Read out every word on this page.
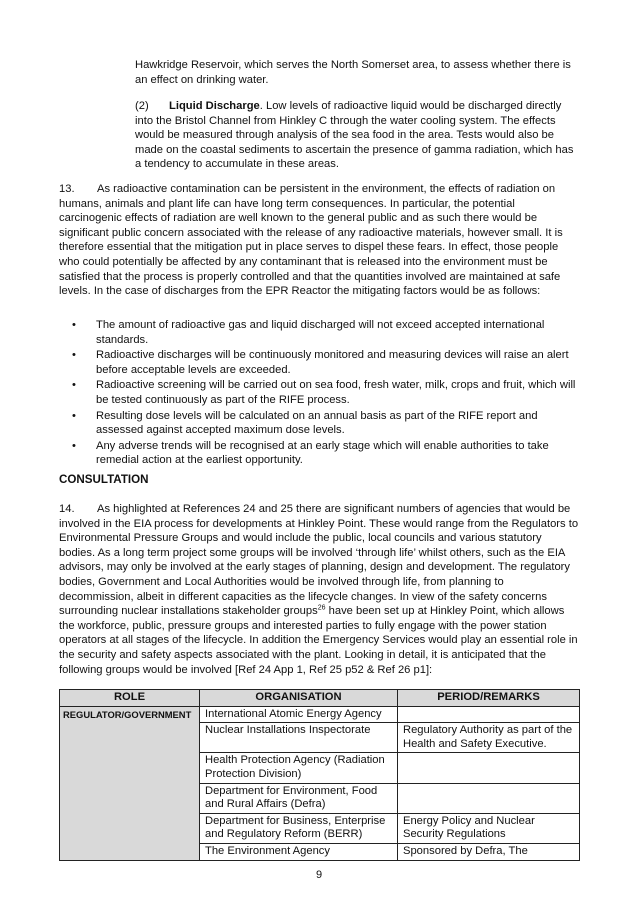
Hawkridge Reservoir, which serves the North Somerset area, to assess whether there is an effect on drinking water.

(2) Liquid Discharge. Low levels of radioactive liquid would be discharged directly into the Bristol Channel from Hinkley C through the water cooling system. The effects would be measured through analysis of the sea food in the area. Tests would also be made on the coastal sediments to ascertain the presence of gamma radiation, which has a tendency to accumulate in these areas.

13. As radioactive contamination can be persistent in the environment, the effects of radiation on humans, animals and plant life can have long term consequences. In particular, the potential carcinogenic effects of radiation are well known to the general public and as such there would be significant public concern associated with the release of any radioactive materials, however small. It is therefore essential that the mitigation put in place serves to dispel these fears. In effect, those people who could potentially be affected by any contaminant that is released into the environment must be satisfied that the process is properly controlled and that the quantities involved are maintained at safe levels. In the case of discharges from the EPR Reactor the mitigating factors would be as follows:

• The amount of radioactive gas and liquid discharged will not exceed accepted international standards.
• Radioactive discharges will be continuously monitored and measuring devices will raise an alert before acceptable levels are exceeded.
• Radioactive screening will be carried out on sea food, fresh water, milk, crops and fruit, which will be tested continuously as part of the RIFE process.
• Resulting dose levels will be calculated on an annual basis as part of the RIFE report and assessed against accepted maximum dose levels.
• Any adverse trends will be recognised at an early stage which will enable authorities to take remedial action at the earliest opportunity.
CONSULTATION

14. As highlighted at References 24 and 25 there are significant numbers of agencies that would be involved in the EIA process for developments at Hinkley Point. These would range from the Regulators to Environmental Pressure Groups and would include the public, local councils and various statutory bodies. As a long term project some groups will be involved ‘through life’ whilst others, such as the EIA advisors, may only be involved at the early stages of planning, design and development. The regulatory bodies, Government and Local Authorities would be involved through life, from planning to decommission, albeit in different capacities as the lifecycle changes. In view of the safety concerns surrounding nuclear installations stakeholder groups$^{26}$ have been set up at Hinkley Point, which allows the workforce, public, pressure groups and interested parties to fully engage with the power station operators at all stages of the lifecycle. In addition the Emergency Services would play an essential role in the security and safety aspects associated with the plant. Looking in detail, it is anticipated that the following groups would be involved [Ref 24 App 1, Ref 25 p52 & Ref 26 p1]:

ROLE	ORGANISATION	PERIOD/REMARKS
REGULATOR/GOVERNMENT	International Atomic Energy Agency	
	Nuclear Installations Inspectorate	Regulatory Authority as part of the Health and Safety Executive.
	Health Protection Agency (Radiation Protection Division)	
	Department for Environment, Food and Rural Affairs (Defra)	
	Department for Business, Enterprise and Regulatory Reform (BERR)	Energy Policy and Nuclear Security Regulations
	The Environment Agency	Sponsored by Defra, The
9
